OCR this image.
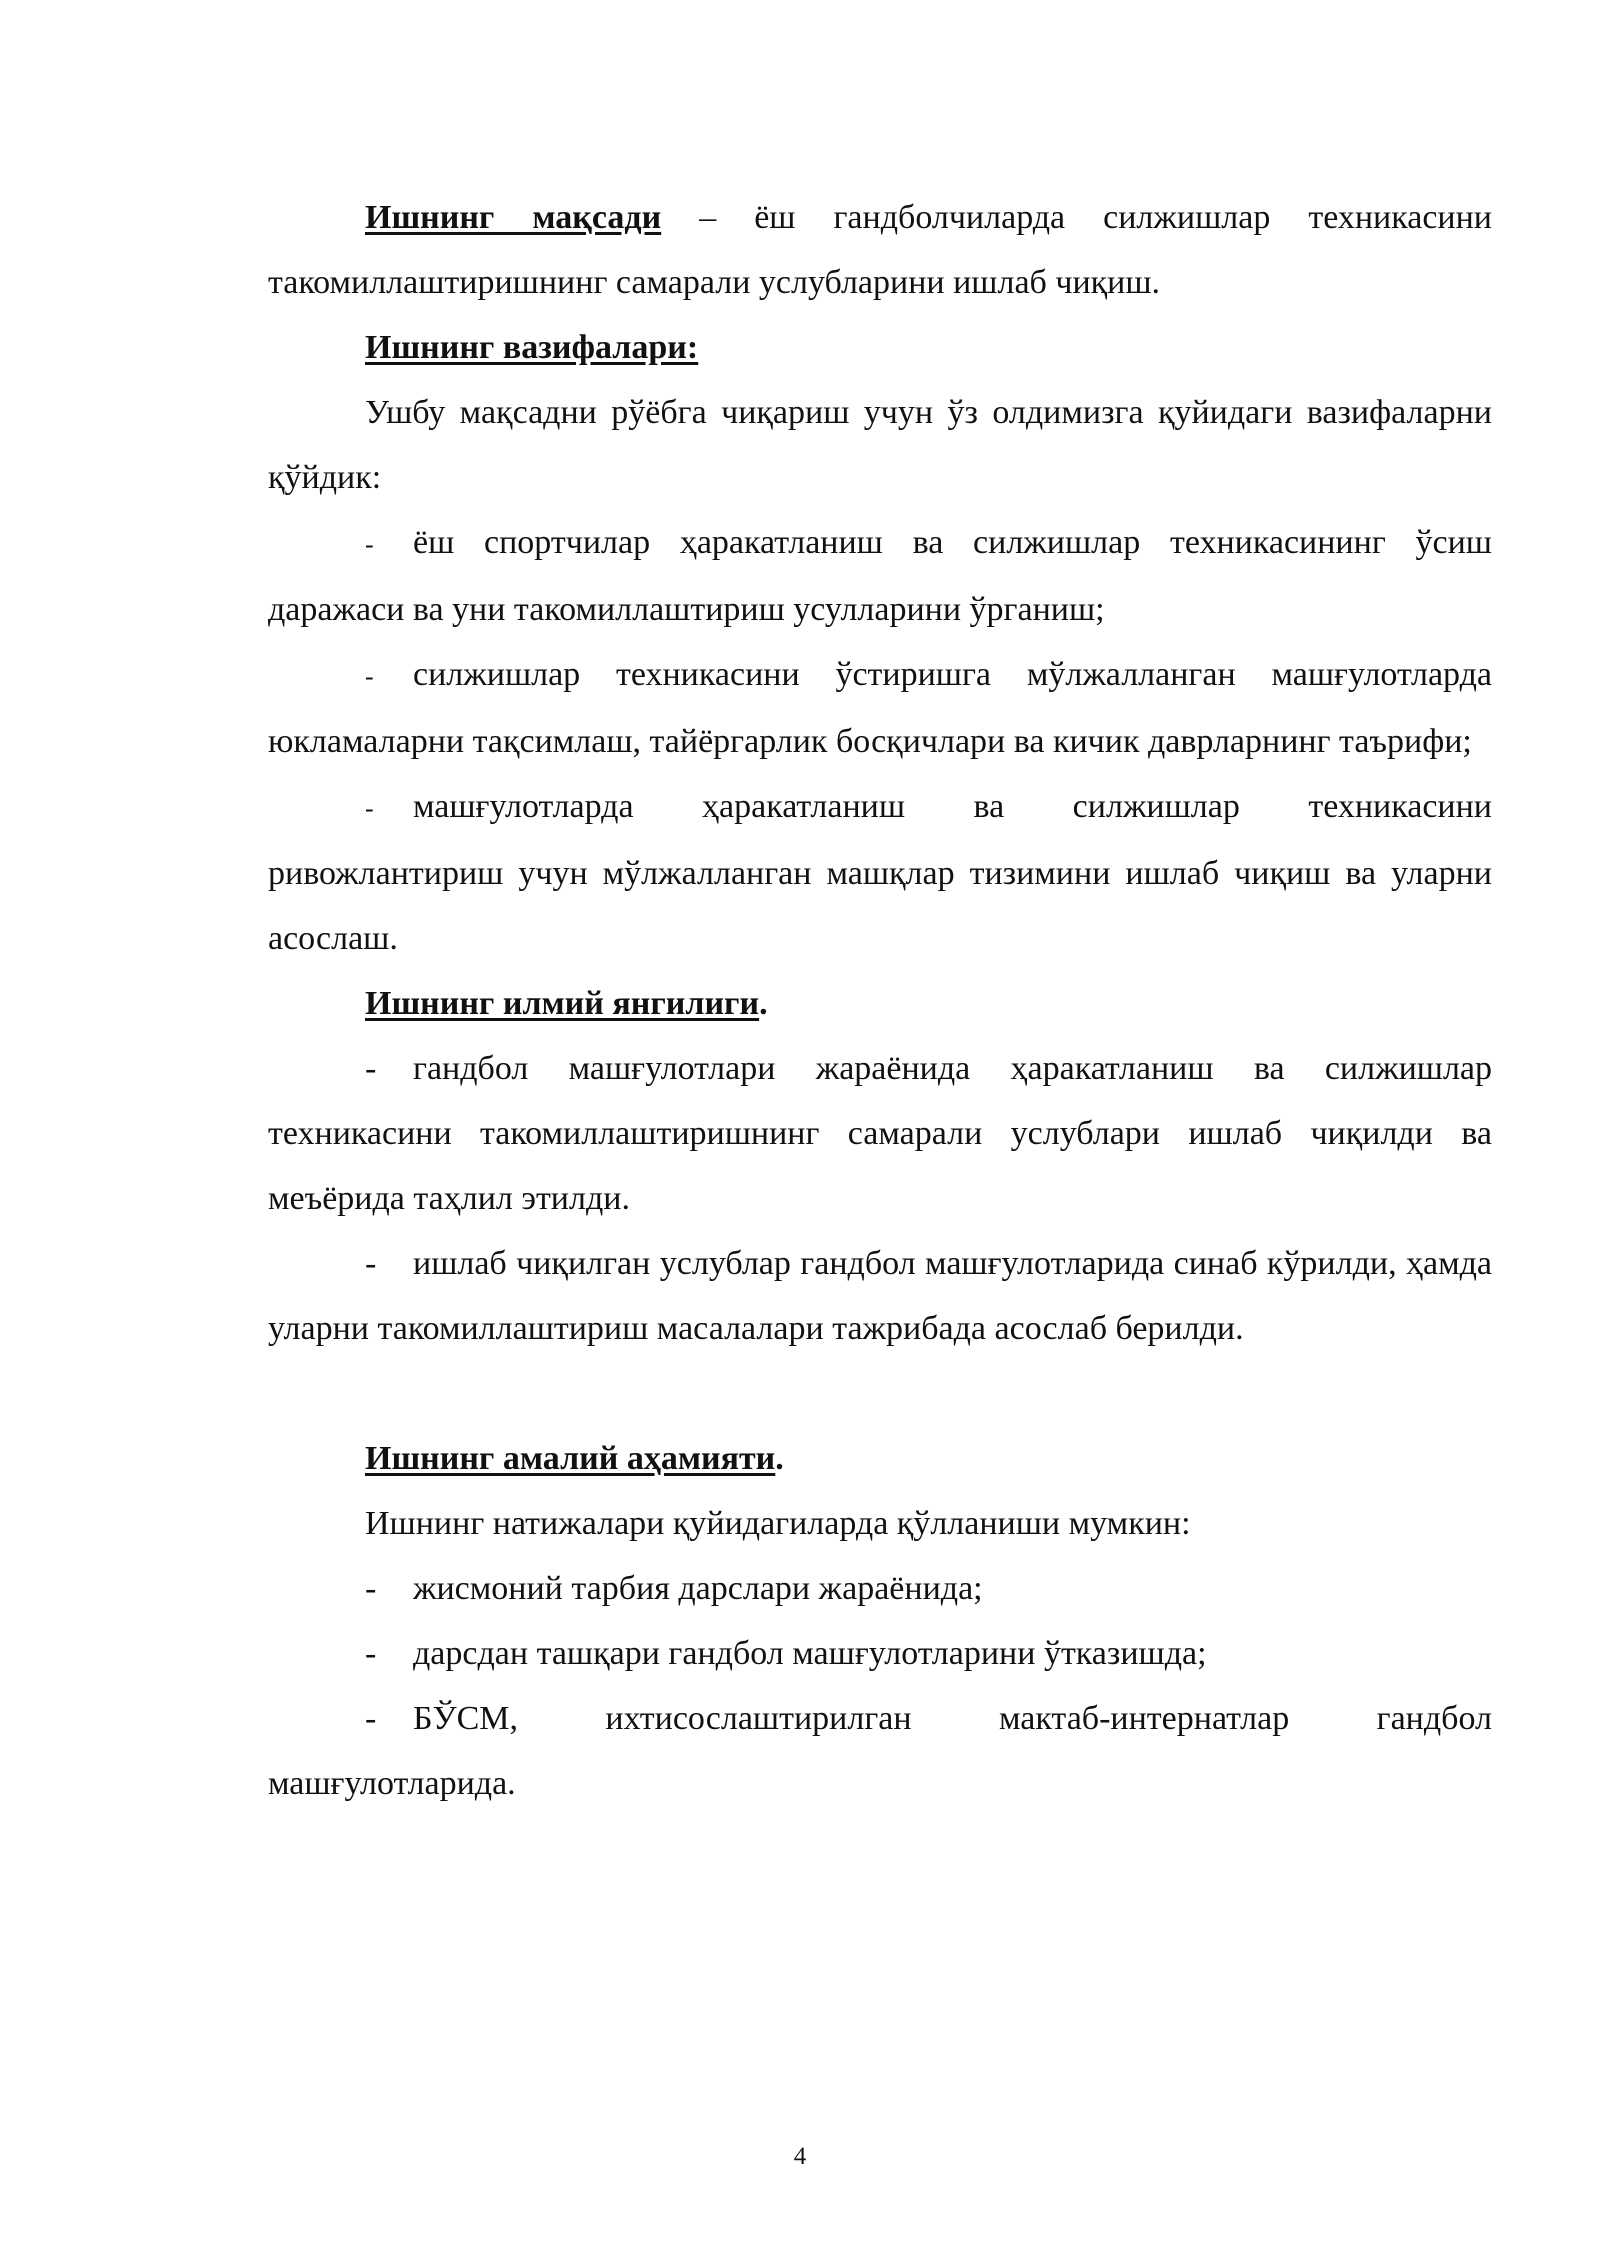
Ишнинг мақсади – ёш гандболчиларда силжишлар техникасини такомиллаштиришнинг самарали услубларини ишлаб чиқиш.

Ишнинг вазифалари:

Ушбу мақсадни рўёбга чиқариш учун ўз олдимизга қуйидаги вазифаларни қўйдик:

- ёш спортчилар ҳаракатланиш ва силжишлар техникасининг ўсиш даражаси ва уни такомиллаштириш усулларини ўрганиш;

- силжишлар техникасини ўстиришга мўлжалланган машғулотларда юкламаларни тақсимлаш, тайёргарлик босқичлари ва кичик даврларнинг таърифи;

- машғулотларда ҳаракатланиш ва силжишлар техникасини ривожлантириш учун мўлжалланган машқлар тизимини ишлаб чиқиш ва уларни асослаш.

Ишнинг илмий янгилиги.

- гандбол машғулотлари жараёнида ҳаракатланиш ва силжишлар техникасини такомиллаштиришнинг самарали услублари ишлаб чиқилди ва меъёрида таҳлил этилди.

- ишлаб чиқилган услублар гандбол машғулотларида синаб кўрилди, ҳамда уларни такомиллаштириш масалалари тажрибада асослаб берилди.

Ишнинг амалий аҳамияти.

Ишнинг натижалари қуйидагиларда қўлланиши мумкин:

- жисмоний тарбия дарслари жараёнида;

- дарсдан ташқари гандбол машғулотларини ўтказишда;

- БЎСМ, ихтисослаштирилган мактаб-интернатлар гандбол машғулотларида.

4
